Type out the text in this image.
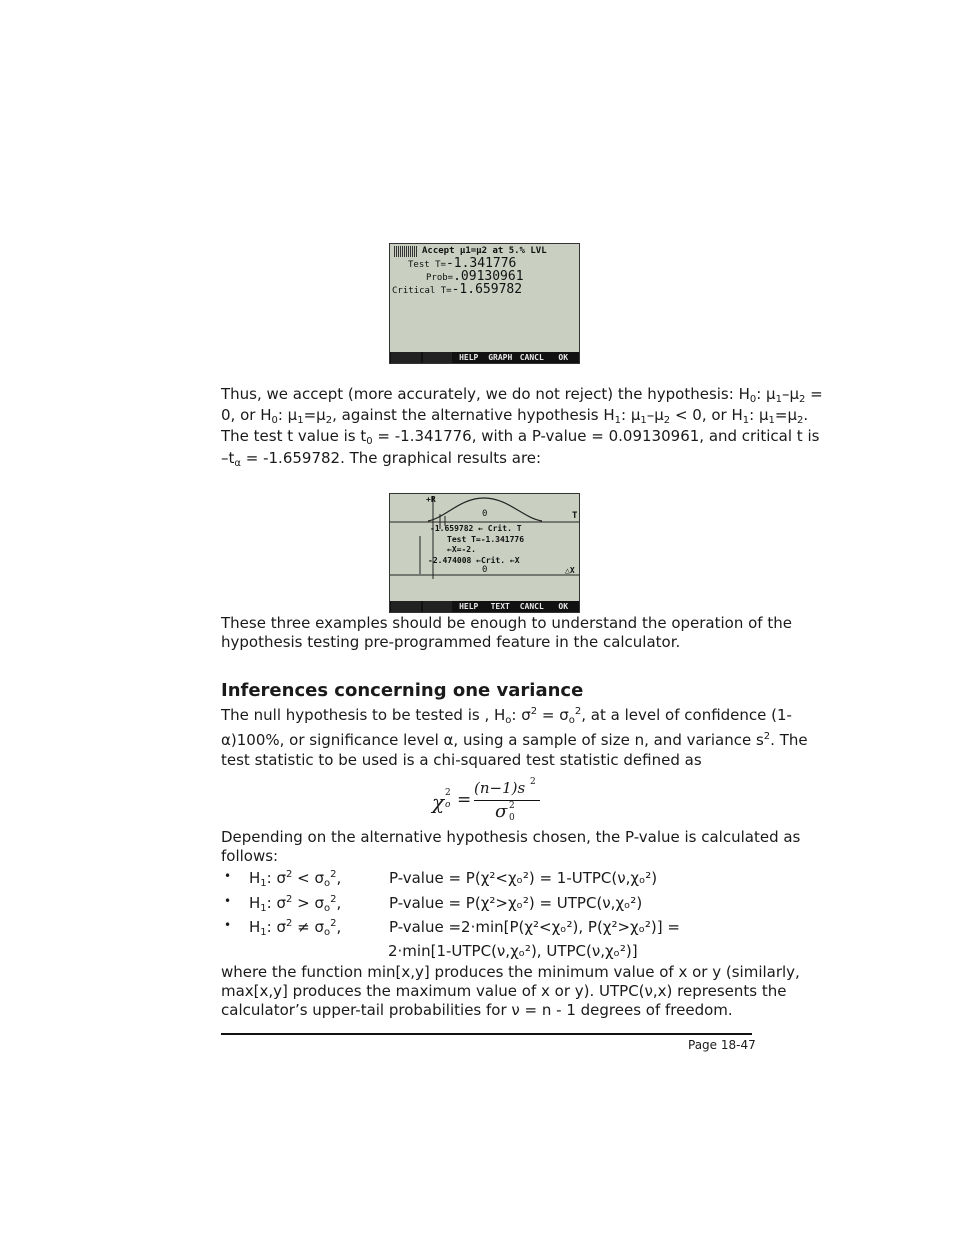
Accept μ1=μ2 at 5.% LVL
Test T=-1.341776
Prob=.09130961
Critical T=-1.659782
HELP	GRAPH CANCL	OK
Thus, we accept (more accurately, we do not reject) the hypothesis: $H_0$: $\mu_1-\mu_2$ =
0, or $H_0$: $\mu_1=\mu_2$, against the alternative hypothesis $H_1$: $\mu_1-\mu_2 < 0$, or $H_1$: $\mu_1=\mu_2$.
The test t value is $t_0 = -1.341776$, with a P-value = 0.09130961, and critical t is
$-t_\alpha = -1.659782$. The graphical results are:
+R
T
0
-1.659782 ← Crit. T
Test T=-1.341776
←X=-2.
-2.474008 ←Crit. ←X
0	△X
HELP	TEXT	CANCL	OK
These three examples should be enough to understand the operation of the
hypothesis testing pre-programmed feature in the calculator.
Inferences concerning one variance
The null hypothesis to be tested is , $H_o$: $\sigma^2 = \sigma_o^2$, at a level of confidence (1-
α)100%, or significance level α, using a sample of size n, and variance $s^2$. The
test statistic to be used is a chi-squared test statistic defined as
χ 2
o =
(n−1)s 2
σ 2
0
Depending on the alternative hypothesis chosen, the P-value is calculated as
follows:
• $H_1$: $\sigma^2 < \sigma_o^2$,	P-value = P(χ²<χₒ²) = 1-UTPC(ν,χₒ²)
• $H_1$: $\sigma^2 > \sigma_o^2$,	P-value = P(χ²>χₒ²) = UTPC(ν,χₒ²)
• $H_1$: $\sigma^2 \ne \sigma_o^2$,	P-value =2·min[P(χ²<χₒ²), P(χ²>χₒ²)] =
2·min[1-UTPC(ν,χₒ²), UTPC(ν,χₒ²)]
where the function min[x,y] produces the minimum value of x or y (similarly,
max[x,y] produces the maximum value of x or y). UTPC(ν,x) represents the
calculator’s upper-tail probabilities for ν = n - 1 degrees of freedom.
Page 18-47
